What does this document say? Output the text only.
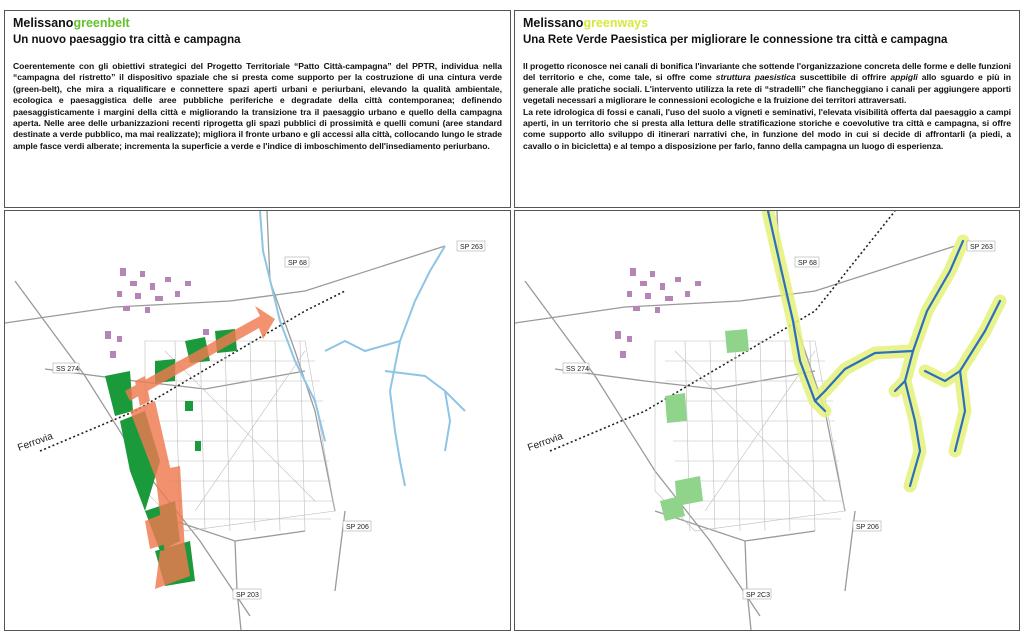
Melissanogreenbelt
Un nuovo paesaggio tra città e campagna

Coerentemente con gli obiettivi strategici del Progetto Territoriale “Patto Città-campagna” del PPTR, individua nella “campagna del ristretto” il dispositivo spaziale che si presta come supporto per la costruzione di una cintura verde (green-belt), che mira a riqualificare e connettere spazi aperti urbani e periurbani, elevando la qualità ambientale, ecologica e paesaggistica delle aree pubbliche periferiche e degradate della città contemporanea; definendo paesaggisticamente i margini della città e migliorando la transizione tra il paesaggio urbano e quello della campagna aperta. Nelle aree delle urbanizzazioni recenti riprogetta gli spazi pubblici di prossimità e quelli comuni (aree standard destinate a verde pubblico, ma mai realizzate); migliora il fronte urbano e gli accessi alla città, collocando lungo le strade ample fasce verdi alberate; incrementa la superficie a verde e l'indice di imboschimento dell'insediamento periurbano.

Melissanogreenways
Una Rete Verde Paesistica per migliorare le connessione tra città e campagna

Il progetto riconosce nei canali di bonifica l'invariante che sottende l'organizzazione concreta delle forme e delle funzioni del territorio e che, come tale, si offre come struttura paesistica suscettibile di offrire appigli allo sguardo e più in generale alle pratiche sociali. L'intervento utilizza la rete di “stradelli” che fiancheggiano i canali per aggiungere apporti vegetali necessari a migliorare le connessioni ecologiche e la fruizione dei territori attraversati.

La rete idrologica di fossi e canali, l'uso del suolo a vigneti e seminativi, l'elevata visibilità offerta dal paesaggio a campi aperti, in un territorio che si presta alla lettura delle stratificazione storiche e coevolutive tra città e campagna, si offre come supporto allo sviluppo di itinerari narrativi che, in funzione del modo in cui si decide di affrontarli (a piedi, a cavallo o in bicicletta) e al tempo a disposizione per farlo, fanno della campagna un luogo di esperienza.

Ferrovia
SP 68
SP 263
SS 274
SP 206
SP 203
Ferrovia
SP 68
SP 263
SS 274
SP 206
SP 2C3
